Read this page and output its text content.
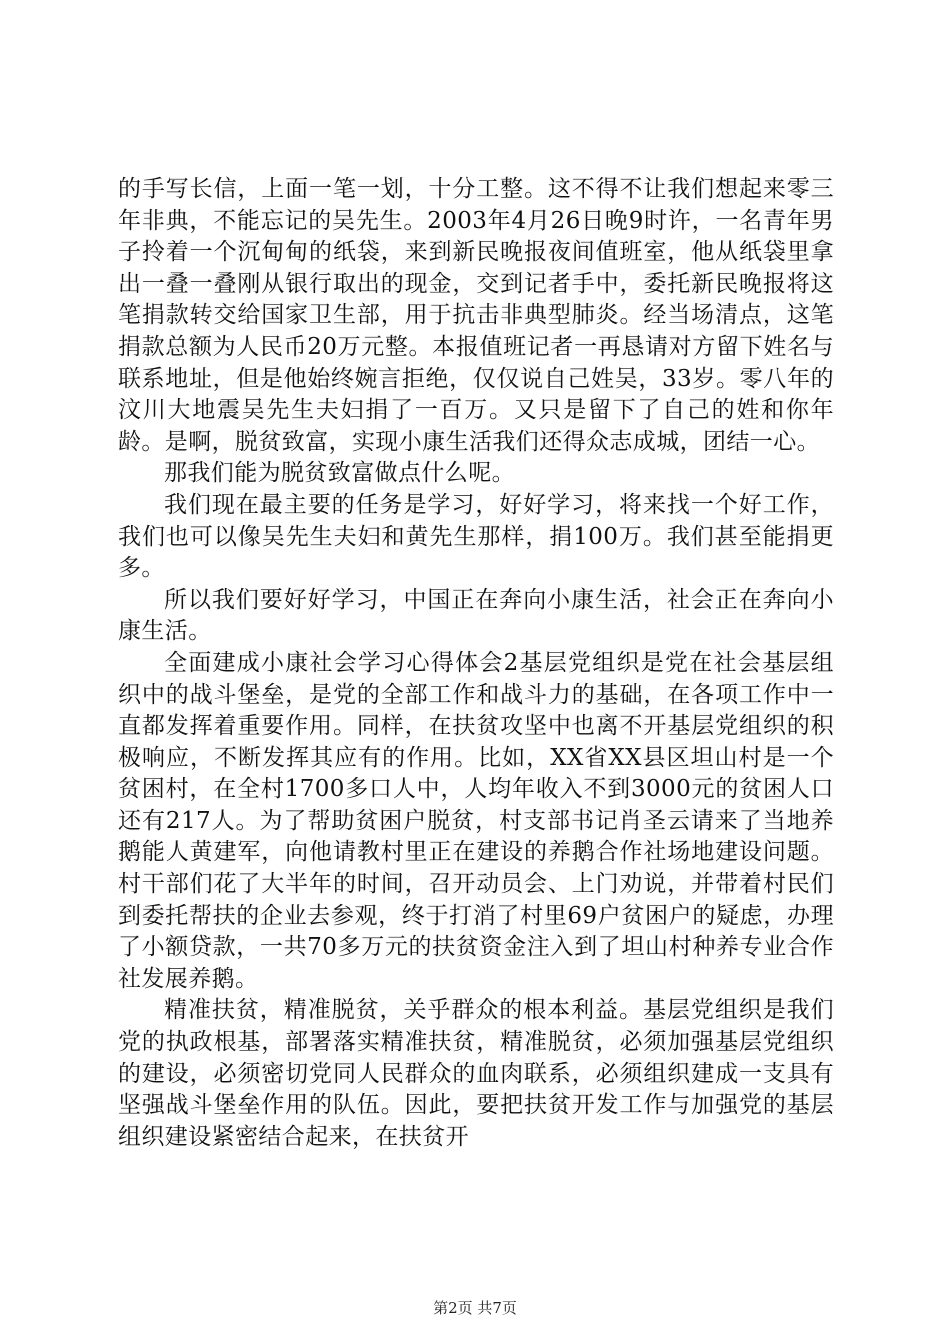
的手写长信，上面一笔一划，十分工整。这不得不让我们想起来零三年非典，不能忘记的吴先生。2003年4月26日晚9时许，一名青年男子拎着一个沉甸甸的纸袋，来到新民晚报夜间值班室，他从纸袋里拿出一叠一叠刚从银行取出的现金，交到记者手中，委托新民晚报将这笔捐款转交给国家卫生部，用于抗击非典型肺炎。经当场清点，这笔捐款总额为人民币20万元整。本报值班记者一再恳请对方留下姓名与联系地址，但是他始终婉言拒绝，仅仅说自己姓吴，33岁。零八年的汶川大地震吴先生夫妇捐了一百万。又只是留下了自己的姓和你年龄。是啊，脱贫致富，实现小康生活我们还得众志成城，团结一心。

那我们能为脱贫致富做点什么呢。

我们现在最主要的任务是学习，好好学习，将来找一个好工作，我们也可以像吴先生夫妇和黄先生那样，捐100万。我们甚至能捐更多。

所以我们要好好学习，中国正在奔向小康生活，社会正在奔向小康生活。

全面建成小康社会学习心得体会2基层党组织是党在社会基层组织中的战斗堡垒，是党的全部工作和战斗力的基础，在各项工作中一直都发挥着重要作用。同样，在扶贫攻坚中也离不开基层党组织的积极响应，不断发挥其应有的作用。比如，XX省XX县区坦山村是一个贫困村，在全村1700多口人中，人均年收入不到3000元的贫困人口还有217人。为了帮助贫困户脱贫，村支部书记肖圣云请来了当地养鹅能人黄建军，向他请教村里正在建设的养鹅合作社场地建设问题。村干部们花了大半年的时间，召开动员会、上门劝说，并带着村民们到委托帮扶的企业去参观，终于打消了村里69户贫困户的疑虑，办理了小额贷款，一共70多万元的扶贫资金注入到了坦山村种养专业合作社发展养鹅。

精准扶贫，精准脱贫，关乎群众的根本利益。基层党组织是我们党的执政根基，部署落实精准扶贫，精准脱贫，必须加强基层党组织的建设，必须密切党同人民群众的血肉联系，必须组织建成一支具有坚强战斗堡垒作用的队伍。因此，要把扶贫开发工作与加强党的基层组织建设紧密结合起来，在扶贫开

第2页 共7页
